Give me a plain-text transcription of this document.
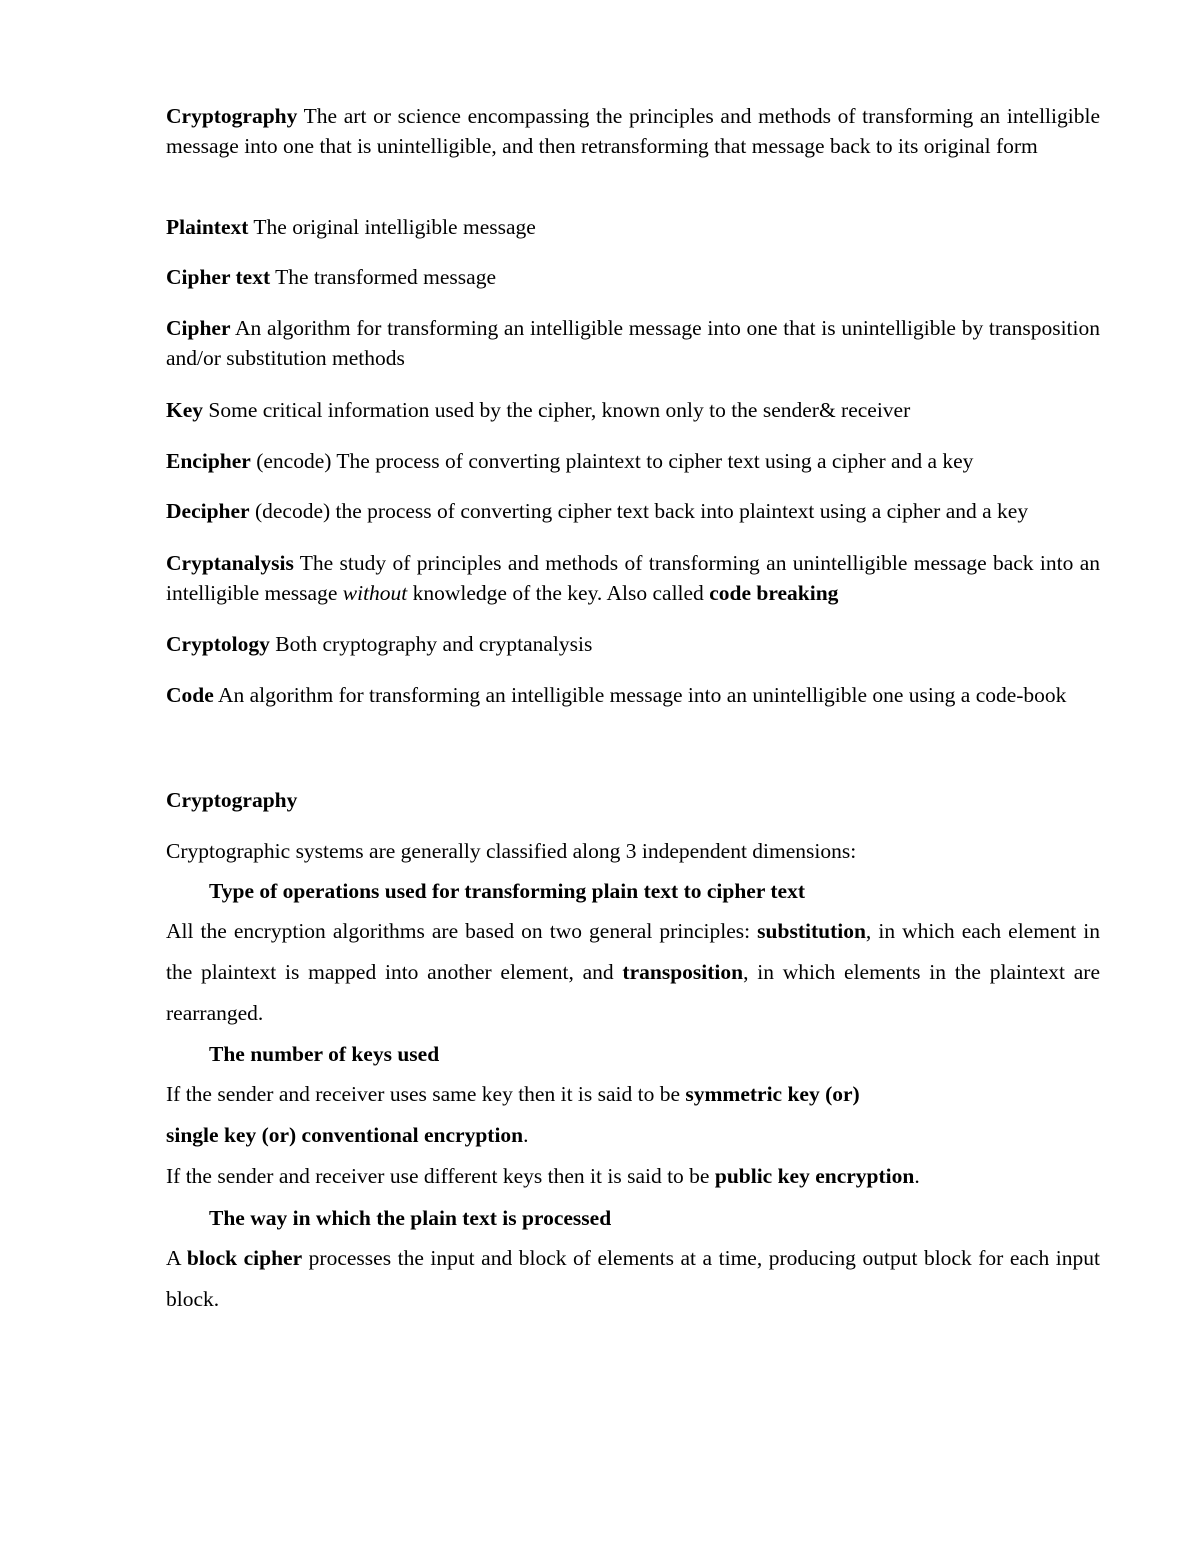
Cryptography The art or science encompassing the principles and methods of transforming an intelligible message into one that is unintelligible, and then retransforming that message back to its original form

Plaintext The original intelligible message

Cipher text The transformed message

Cipher An algorithm for transforming an intelligible message into one that is unintelligible by transposition and/or substitution methods

Key Some critical information used by the cipher, known only to the sender& receiver

Encipher (encode) The process of converting plaintext to cipher text using a cipher and a key

Decipher (decode) the process of converting cipher text back into plaintext using a cipher and a key

Cryptanalysis The study of principles and methods of transforming an unintelligible message back into an intelligible message without knowledge of the key. Also called code breaking

Cryptology Both cryptography and cryptanalysis

Code An algorithm for transforming an intelligible message into an unintelligible one using a code-book

Cryptography

Cryptographic systems are generally classified along 3 independent dimensions:

Type of operations used for transforming plain text to cipher text

All the encryption algorithms are based on two general principles: substitution, in which each element in the plaintext is mapped into another element, and transposition, in which elements in the plaintext are rearranged.

The number of keys used

If the sender and receiver uses same key then it is said to be symmetric key (or)

single key (or) conventional encryption.

If the sender and receiver use different keys then it is said to be public key encryption.

The way in which the plain text is processed

A block cipher processes the input and block of elements at a time, producing output block for each input block.
